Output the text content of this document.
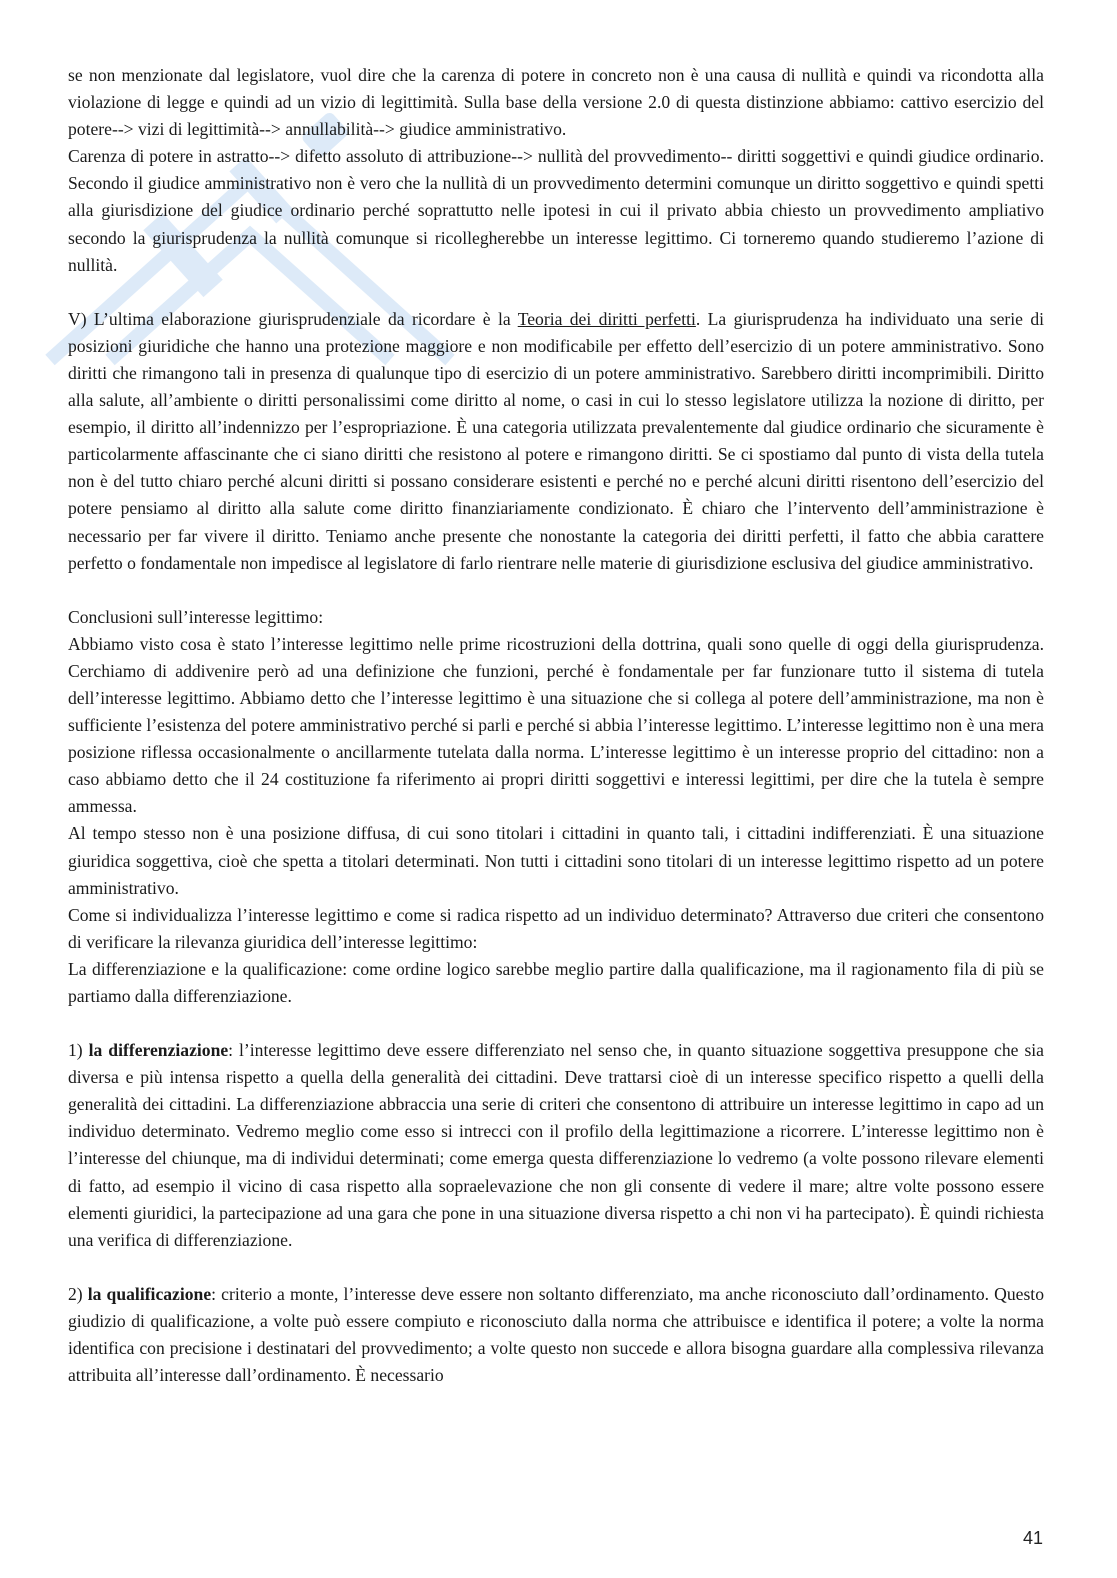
se non menzionate dal legislatore, vuol dire che la carenza di potere in concreto non è una causa di nullità e quindi va ricondotta alla violazione di legge e quindi ad un vizio di legittimità. Sulla base della versione 2.0 di questa distinzione abbiamo: cattivo esercizio del potere--> vizi di legittimità--> annullabilità--> giudice amministrativo.

Carenza di potere in astratto--> difetto assoluto di attribuzione--> nullità del provvedimento-- diritti soggettivi e quindi giudice ordinario. Secondo il giudice amministrativo non è vero che la nullità di un provvedimento determini comunque un diritto soggettivo e quindi spetti alla giurisdizione del giudice ordinario perché soprattutto nelle ipotesi in cui il privato abbia chiesto un provvedimento ampliativo secondo la giurisprudenza la nullità comunque si ricollegherebbe un interesse legittimo. Ci torneremo quando studieremo l’azione di nullità.

V) L’ultima elaborazione giurisprudenziale da ricordare è la Teoria dei diritti perfetti. La giurisprudenza ha individuato una serie di posizioni giuridiche che hanno una protezione maggiore e non modificabile per effetto dell’esercizio di un potere amministrativo. Sono diritti che rimangono tali in presenza di qualunque tipo di esercizio di un potere amministrativo. Sarebbero diritti incomprimibili. Diritto alla salute, all’ambiente o diritti personalissimi come diritto al nome, o casi in cui lo stesso legislatore utilizza la nozione di diritto, per esempio, il diritto all’indennizzo per l’espropriazione. È una categoria utilizzata prevalentemente dal giudice ordinario che sicuramente è particolarmente affascinante che ci siano diritti che resistono al potere e rimangono diritti. Se ci spostiamo dal punto di vista della tutela non è del tutto chiaro perché alcuni diritti si possano considerare esistenti e perché no e perché alcuni diritti risentono dell’esercizio del potere pensiamo al diritto alla salute come diritto finanziariamente condizionato. È chiaro che l’intervento dell’amministrazione è necessario per far vivere il diritto. Teniamo anche presente che nonostante la categoria dei diritti perfetti, il fatto che abbia carattere perfetto o fondamentale non impedisce al legislatore di farlo rientrare nelle materie di giurisdizione esclusiva del giudice amministrativo.

Conclusioni sull’interesse legittimo:

Abbiamo visto cosa è stato l’interesse legittimo nelle prime ricostruzioni della dottrina, quali sono quelle di oggi della giurisprudenza. Cerchiamo di addivenire però ad una definizione che funzioni, perché è fondamentale per far funzionare tutto il sistema di tutela dell’interesse legittimo. Abbiamo detto che l’interesse legittimo è una situazione che si collega al potere dell’amministrazione, ma non è sufficiente l’esistenza del potere amministrativo perché si parli e perché si abbia l’interesse legittimo. L’interesse legittimo non è una mera posizione riflessa occasionalmente o ancillarmente tutelata dalla norma. L’interesse legittimo è un interesse proprio del cittadino: non a caso abbiamo detto che il 24 costituzione fa riferimento ai propri diritti soggettivi e interessi legittimi, per dire che la tutela è sempre ammessa.

Al tempo stesso non è una posizione diffusa, di cui sono titolari i cittadini in quanto tali, i cittadini indifferenziati. È una situazione giuridica soggettiva, cioè che spetta a titolari determinati. Non tutti i cittadini sono titolari di un interesse legittimo rispetto ad un potere amministrativo.

Come si individualizza l’interesse legittimo e come si radica rispetto ad un individuo determinato? Attraverso due criteri che consentono di verificare la rilevanza giuridica dell’interesse legittimo:

La differenziazione e la qualificazione: come ordine logico sarebbe meglio partire dalla qualificazione, ma il ragionamento fila di più se partiamo dalla differenziazione.

1) la differenziazione: l’interesse legittimo deve essere differenziato nel senso che, in quanto situazione soggettiva presuppone che sia diversa e più intensa rispetto a quella della generalità dei cittadini. Deve trattarsi cioè di un interesse specifico rispetto a quelli della generalità dei cittadini. La differenziazione abbraccia una serie di criteri che consentono di attribuire un interesse legittimo in capo ad un individuo determinato. Vedremo meglio come esso si intrecci con il profilo della legittimazione a ricorrere. L’interesse legittimo non è l’interesse del chiunque, ma di individui determinati; come emerga questa differenziazione lo vedremo (a volte possono rilevare elementi di fatto, ad esempio il vicino di casa rispetto alla sopraelevazione che non gli consente di vedere il mare; altre volte possono essere elementi giuridici, la partecipazione ad una gara che pone in una situazione diversa rispetto a chi non vi ha partecipato). È quindi richiesta una verifica di differenziazione.

2) la qualificazione: criterio a monte, l’interesse deve essere non soltanto differenziato, ma anche riconosciuto dall’ordinamento. Questo giudizio di qualificazione, a volte può essere compiuto e riconosciuto dalla norma che attribuisce e identifica il potere; a volte la norma identifica con precisione i destinatari del provvedimento; a volte questo non succede e allora bisogna guardare alla complessiva rilevanza attribuita all’interesse dall’ordinamento. È necessario

41
